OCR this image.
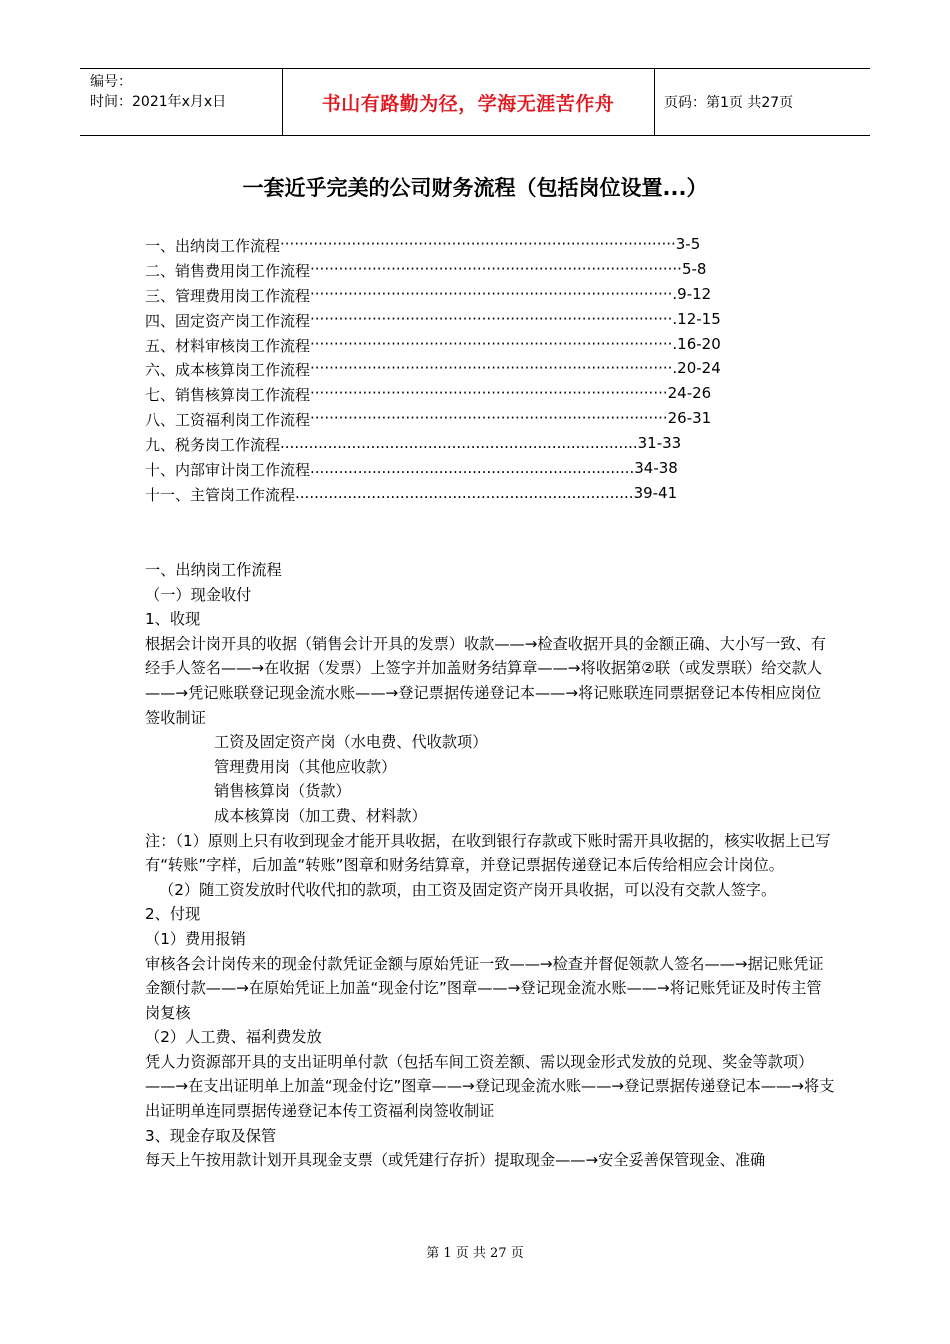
编号：
时间：2021年x月x日	书山有路勤为径，学海无涯苦作舟	页码：第1页 共27页
一套近乎完美的公司财务流程（包括岗位设置...）
一、出纳岗工作流程 ··················································································· 3-5
二、销售费用岗工作流程 ·············································································· 5-8
三、管理费用岗工作流程 ············································································ .9-12
四、固定资产岗工作流程 ············································································ .12-15
五、材料审核岗工作流程 ············································································ .16-20
六、成本核算岗工作流程 ············································································ .20-24
七、销售核算岗工作流程 ··········································································· 24-26
八、工资福利岗工作流程 ··········································································· 26-31
九、税务岗工作流程 ........................................................................... 31-33
十、内部审计岗工作流程 .................................................................... 34-38
十一、主管岗工作流程 ....................................................................... 39-41

一、出纳岗工作流程

（一）现金收付

1、收现

根据会计岗开具的收据（销售会计开具的发票）收款——→检查收据开具的金额正确、大小写一致、有经手人签名——→在收据（发票）上签字并加盖财务结算章——→将收据第②联（或发票联）给交款人——→凭记账联登记现金流水账——→登记票据传递登记本——→将记账联连同票据登记本传相应岗位签收制证

工资及固定资产岗（水电费、代收款项）

管理费用岗（其他应收款）

销售核算岗（货款）

成本核算岗（加工费、材料款）

注：（1）原则上只有收到现金才能开具收据，在收到银行存款或下账时需开具收据的，核实收据上已写有“转账”字样，后加盖“转账”图章和财务结算章，并登记票据传递登记本后传给相应会计岗位。

（2）随工资发放时代收代扣的款项，由工资及固定资产岗开具收据，可以没有交款人签字。

2、付现

（1）费用报销

审核各会计岗传来的现金付款凭证金额与原始凭证一致——→检查并督促领款人签名——→据记账凭证金额付款——→在原始凭证上加盖“现金付讫”图章——→登记现金流水账——→将记账凭证及时传主管岗复核

（2）人工费、福利费发放

凭人力资源部开具的支出证明单付款（包括车间工资差额、需以现金形式发放的兑现、奖金等款项）——→在支出证明单上加盖“现金付讫”图章——→登记现金流水账——→登记票据传递登记本——→将支出证明单连同票据传递登记本传工资福利岗签收制证

3、现金存取及保管

每天上午按用款计划开具现金支票（或凭建行存折）提取现金——→安全妥善保管现金、准确

第 1 页 共 27 页
